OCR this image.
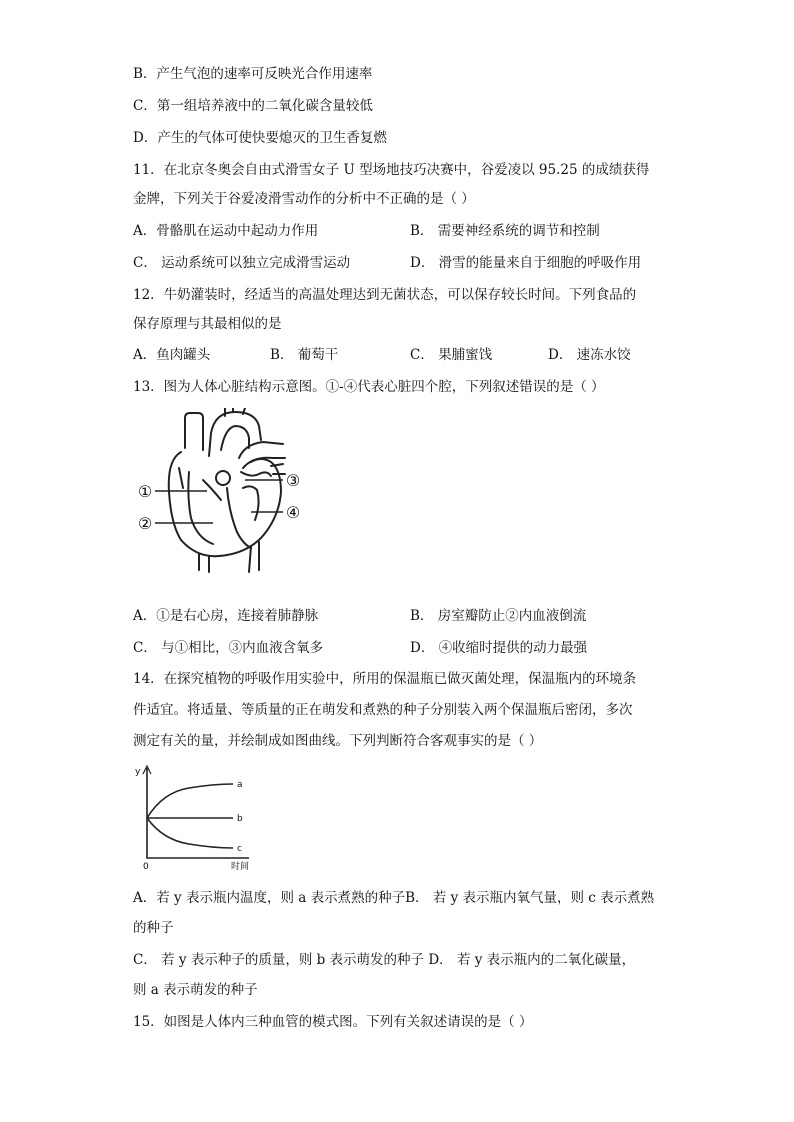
B．产生气泡的速率可反映光合作用速率
C．第一组培养液中的二氧化碳含量较低
D．产生的气体可使快要熄灭的卫生香复燃
11．在北京冬奥会自由式滑雪女子 U 型场地技巧决赛中，谷爱凌以 95.25 的成绩获得
金牌，下列关于谷爱凌滑雪动作的分析中不正确的是（ ）
A．骨骼肌在运动中起动力作用	B． 需要神经系统的调节和控制
C． 运动系统可以独立完成滑雪运动	D． 滑雪的能量来自于细胞的呼吸作用
12．牛奶灌装时，经适当的高温处理达到无菌状态，可以保存较长时间。下列食品的
保存原理与其最相似的是
A．鱼肉罐头	B． 葡萄干	C． 果脯蜜饯	D． 速冻水饺
13．图为人体心脏结构示意图。①-④代表心脏四个腔，下列叙述错误的是（ ）
①
②
③
④
A．①是右心房，连接着肺静脉	B． 房室瓣防止②内血液倒流
C． 与①相比，③内血液含氧多	D． ④收缩时提供的动力最强
14．在探究植物的呼吸作用实验中，所用的保温瓶已做灭菌处理，保温瓶内的环境条
件适宜。将适量、等质量的正在萌发和煮熟的种子分别装入两个保温瓶后密闭，多次
测定有关的量，并绘制成如图曲线。下列判断符合客观事实的是（ ）
y
0	时间
a
b
c
A．若 y 表示瓶内温度，则 a 表示煮熟的种子B． 若 y 表示瓶内氧气量，则 c 表示煮熟
的种子
C． 若 y 表示种子的质量，则 b 表示萌发的种子 D． 若 y 表示瓶内的二氧化碳量，
则 a 表示萌发的种子
15．如图是人体内三种血管的模式图。下列有关叙述请误的是（ ）
